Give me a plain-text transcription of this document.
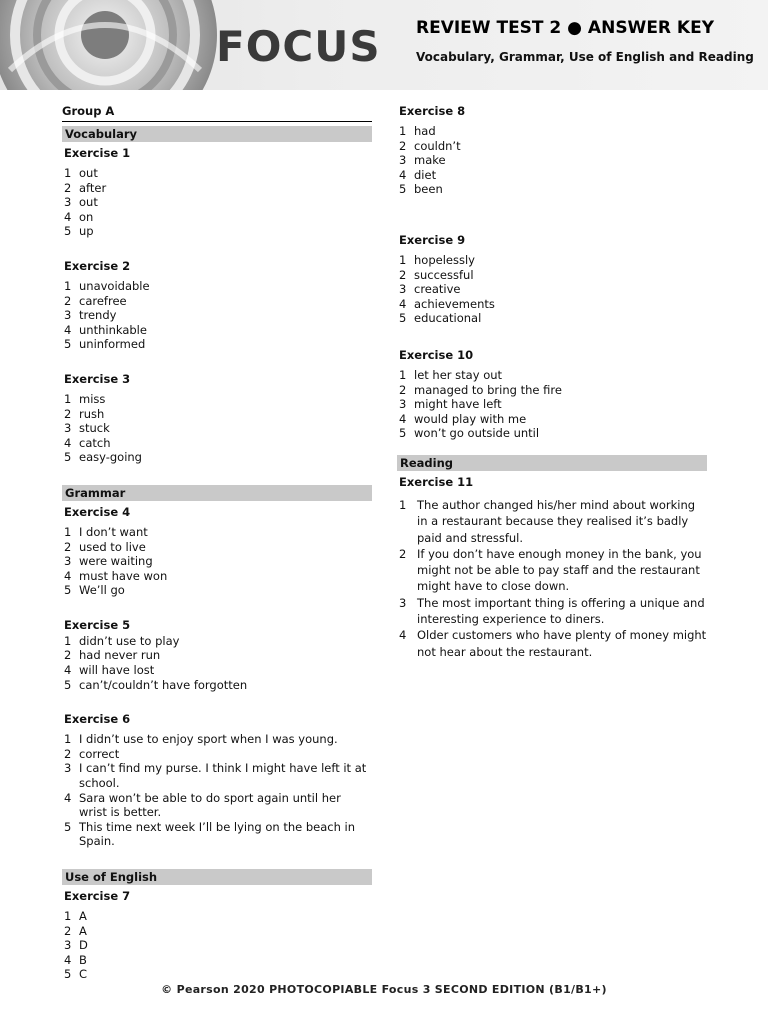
FOCUS REVIEW TEST 2 ● ANSWER KEY
Vocabulary, Grammar, Use of English and Reading
Group A
Vocabulary
Exercise 1
1 out
2 after
3 out
4 on
5 up
Exercise 2
1 unavoidable
2 carefree
3 trendy
4 unthinkable
5 uninformed
Exercise 3
1 miss
2 rush
3 stuck
4 catch
5 easy-going
Grammar
Exercise 4
1 I don’t want
2 used to live
3 were waiting
4 must have won
5 We’ll go
Exercise 5
1 didn’t use to play
2 had never run
4 will have lost
5 can’t/couldn’t have forgotten
Exercise 6
1 I didn’t use to enjoy sport when I was young.
2 correct
3 I can’t find my purse. I think I might have left it at school.
4 Sara won’t be able to do sport again until her wrist is better.
5 This time next week I’ll be lying on the beach in Spain.
Use of English
Exercise 7
1 A
2 A
3 D
4 B
5 C
Exercise 8
1 had
2 couldn’t
3 make
4 diet
5 been
Exercise 9
1 hopelessly
2 successful
3 creative
4 achievements
5 educational
Exercise 10
1 let her stay out
2 managed to bring the fire
3 might have left
4 would play with me
5 won’t go outside until
Reading
Exercise 11
1 The author changed his/her mind about working in a restaurant because they realised it’s badly paid and stressful.
2 If you don’t have enough money in the bank, you might not be able to pay staff and the restaurant might have to close down.
3 The most important thing is offering a unique and interesting experience to diners.
4 Older customers who have plenty of money might not hear about the restaurant.
© Pearson 2020 PHOTOCOPIABLE Focus 3 SECOND EDITION (B1/B1+)
